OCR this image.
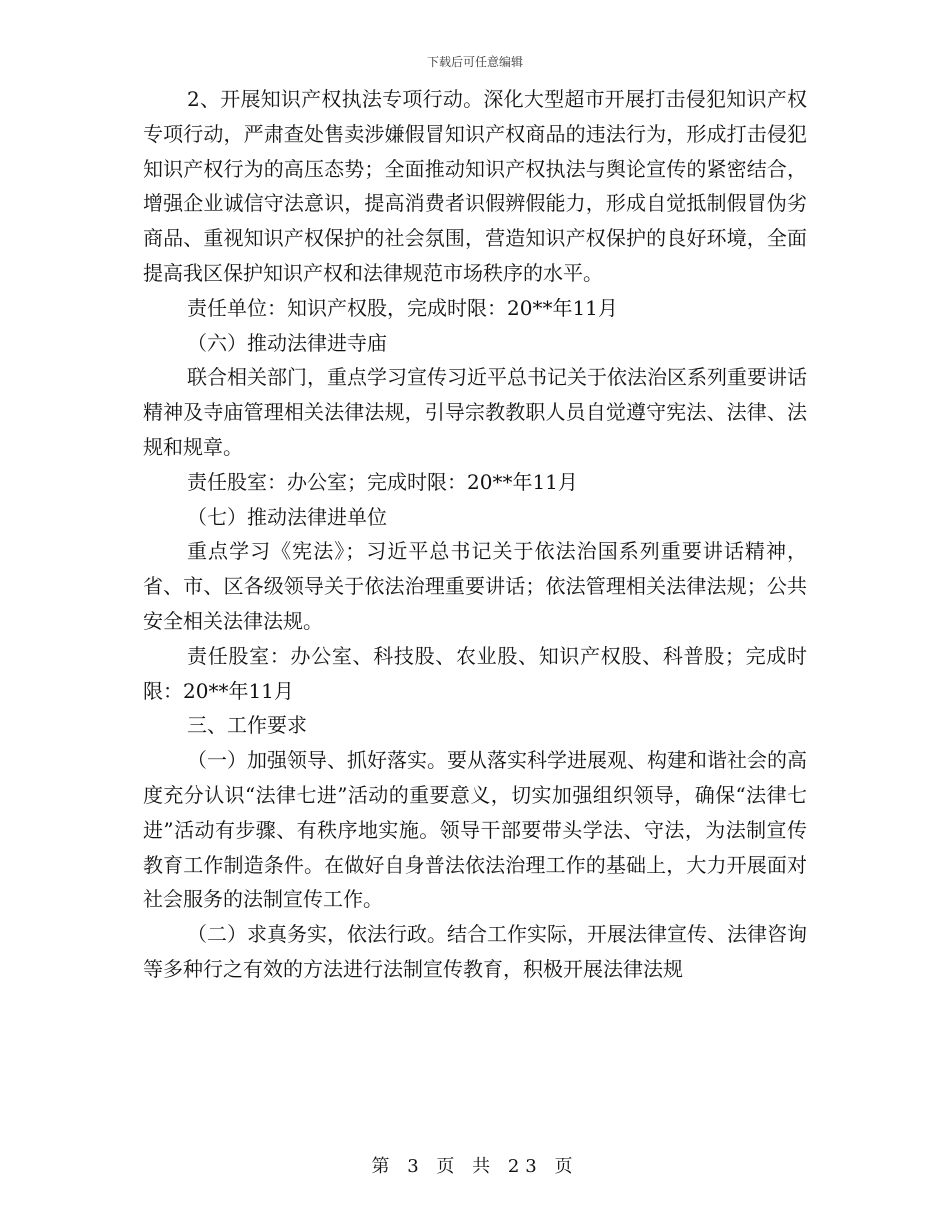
下载后可任意编辑

2、开展知识产权执法专项行动。深化大型超市开展打击侵犯知识产权专项行动，严肃查处售卖涉嫌假冒知识产权商品的违法行为，形成打击侵犯知识产权行为的高压态势；全面推动知识产权执法与舆论宣传的紧密结合，增强企业诚信守法意识，提高消费者识假辨假能力，形成自觉抵制假冒伪劣商品、重视知识产权保护的社会氛围，营造知识产权保护的良好环境，全面提高我区保护知识产权和法律规范市场秩序的水平。

责任单位：知识产权股，完成时限：20**年11月

（六）推动法律进寺庙

联合相关部门，重点学习宣传习近平总书记关于依法治区系列重要讲话精神及寺庙管理相关法律法规，引导宗教教职人员自觉遵守宪法、法律、法规和规章。

责任股室：办公室；完成时限：20**年11月

（七）推动法律进单位

重点学习《宪法》；习近平总书记关于依法治国系列重要讲话精神，省、市、区各级领导关于依法治理重要讲话；依法管理相关法律法规；公共安全相关法律法规。

责任股室：办公室、科技股、农业股、知识产权股、科普股；完成时限：20**年11月

三、工作要求

（一）加强领导、抓好落实。要从落实科学进展观、构建和谐社会的高度充分认识“法律七进”活动的重要意义，切实加强组织领导，确保“法律七进”活动有步骤、有秩序地实施。领导干部要带头学法、守法，为法制宣传教育工作制造条件。在做好自身普法依法治理工作的基础上，大力开展面对社会服务的法制宣传工作。

（二）求真务实，依法行政。结合工作实际，开展法律宣传、法律咨询等多种行之有效的方法进行法制宣传教育，积极开展法律法规

第 3 页 共 23 页
